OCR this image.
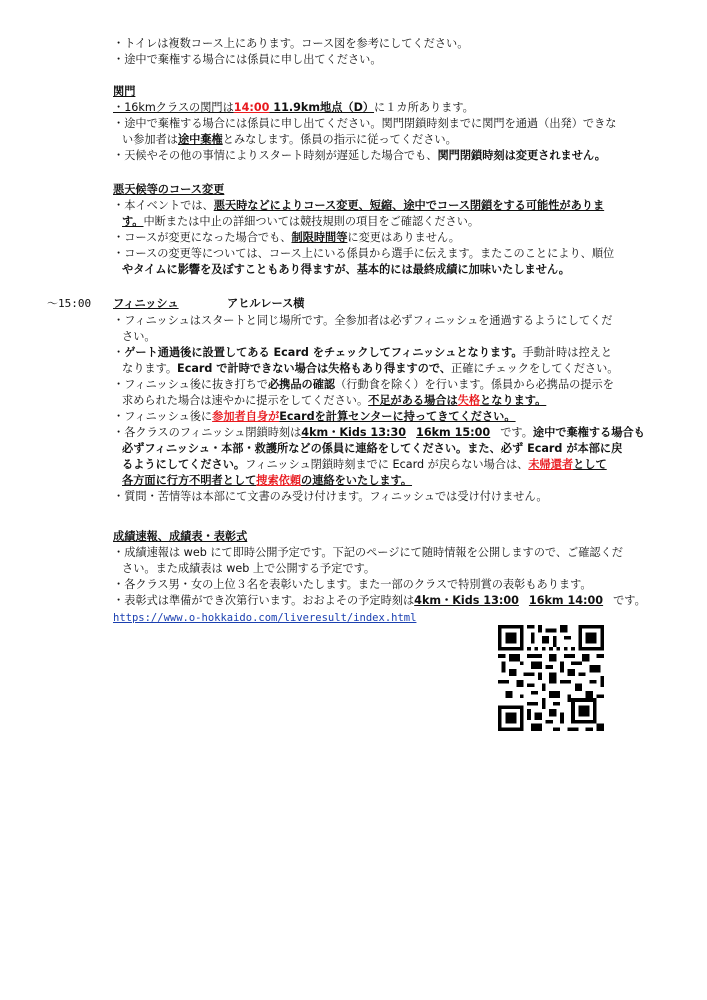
・トイレは複数コース上にあります。コース図を参考にしてください。
・途中で棄権する場合には係員に申し出てください。
関門
・16kmクラスの関門は14:00 11.9km地点（D）に１カ所あります。
・途中で棄権する場合には係員に申し出てください。関門閉鎖時刻までに関門を通過（出発）できな
い参加者は途中棄権とみなします。係員の指示に従ってください。
・天候やその他の事情によりスタート時刻が遅延した場合でも、関門閉鎖時刻は変更されません。
悪天候等のコース変更
・本イベントでは、悪天時などによりコース変更、短縮、途中でコース閉鎖をする可能性がありま
す。中断または中止の詳細ついては競技規則の項目をご確認ください。
・コースが変更になった場合でも、制限時間等に変更はありません。
・コースの変更等については、コース上にいる係員から選手に伝えます。またこのことにより、順位
やタイムに影響を及ぼすこともあり得ますが、基本的には最終成績に加味いたしません。
～15:00 フィニッシュ	アヒルレース横
・フィニッシュはスタートと同じ場所です。全参加者は必ずフィニッシュを通過するようにしてくだ
さい。
・ゲート通過後に設置してある Ecard をチェックしてフィニッシュとなります。手動計時は控えと
なります。Ecard で計時できない場合は失格もあり得ますので、正確にチェックをしてください。
・フィニッシュ後に抜き打ちで必携品の確認（行動食を除く）を行います。係員から必携品の提示を
求められた場合は速やかに提示をしてください。不足がある場合は失格となります。
・フィニッシュ後に参加者自身がEcardを計算センターに持ってきてください。
・各クラスのフィニッシュ閉鎖時刻は4km・Kids 13:30 16km 15:00 です。途中で棄権する場合も
必ずフィニッシュ・本部・救護所などの係員に連絡をしてください。また、必ず Ecard が本部に戻
るようにしてください。フィニッシュ閉鎖時刻までに Ecard が戻らない場合は、未帰還者として
各方面に行方不明者として捜索依頼の連絡をいたします。
・質問・苦情等は本部にて文書のみ受け付けます。フィニッシュでは受け付けません。
成績速報、成績表・表彰式
・成績速報は web にて即時公開予定です。下記のページにて随時情報を公開しますので、ご確認くだ
さい。また成績表は web 上で公開する予定です。
・各クラス男・女の上位３名を表彰いたします。また一部のクラスで特別賞の表彰もあります。
・表彰式は準備ができ次第行います。おおよその予定時刻は4km・Kids 13:00 16km 14:00 です。
https://www.o-hokkaido.com/liveresult/index.html
